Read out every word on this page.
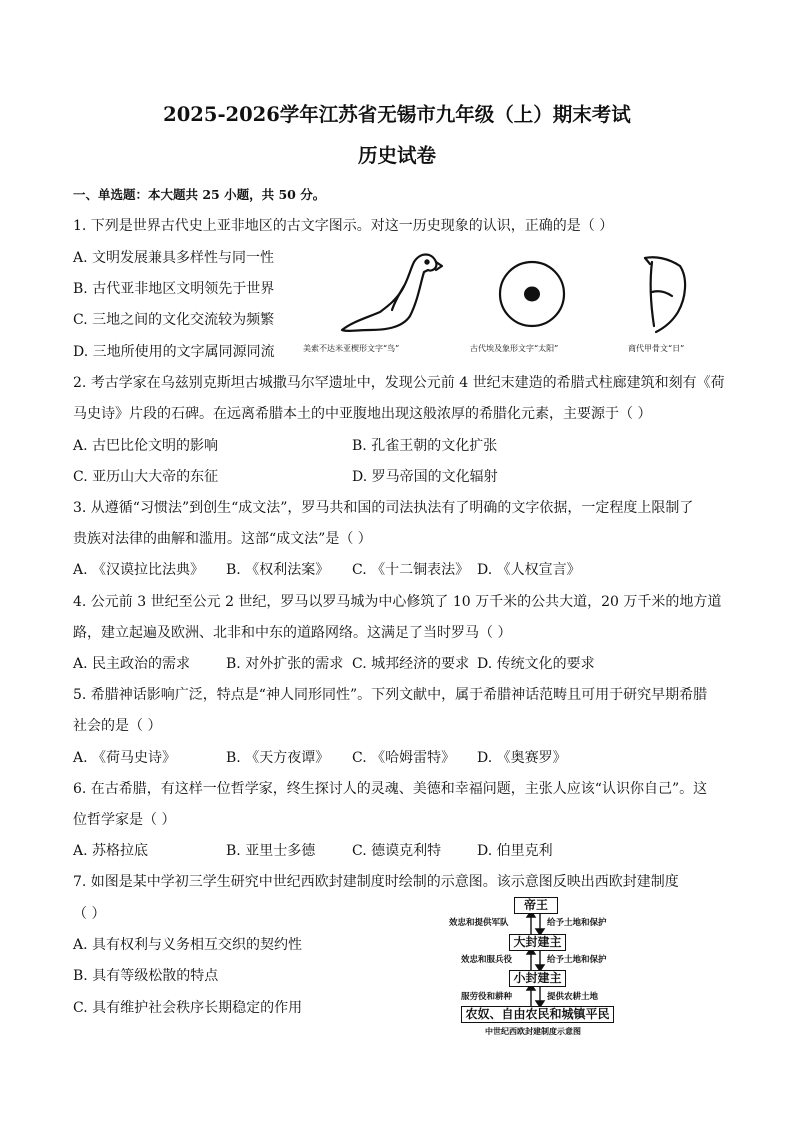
2025-2026学年江苏省无锡市九年级（上）期末考试
历史试卷
一、单选题：本大题共 25 小题，共 50 分。
1. 下列是世界古代史上亚非地区的古文字图示。对这一历史现象的认识，正确的是（ ）
A. 文明发展兼具多样性与同一性
B. 古代亚非地区文明领先于世界
C. 三地之间的文化交流较为频繁
D. 三地所使用的文字属同源同流	美索不达米亚楔形文字“鸟”	古代埃及象形文字“太阳”	商代甲骨文“日”
2. 考古学家在乌兹别克斯坦古城撒马尔罕遗址中，发现公元前 4 世纪末建造的希腊式柱廊建筑和刻有《荷
马史诗》片段的石碑。在远离希腊本土的中亚腹地出现这般浓厚的希腊化元素，主要源于（ ）
A. 古巴比伦文明的影响	B. 孔雀王朝的文化扩张
C. 亚历山大大帝的东征	D. 罗马帝国的文化辐射
3. 从遵循“习惯法”到创生“成文法”，罗马共和国的司法执法有了明确的文字依据，一定程度上限制了
贵族对法律的曲解和滥用。这部“成文法”是（ ）
A. 《汉谟拉比法典》 B. 《权利法案》 C. 《十二铜表法》 D. 《人权宣言》
4. 公元前 3 世纪至公元 2 世纪，罗马以罗马城为中心修筑了 10 万千米的公共大道，20 万千米的地方道
路，建立起遍及欧洲、北非和中东的道路网络。这满足了当时罗马（ ）
A. 民主政治的需求	B. 对外扩张的需求 C. 城邦经济的要求 D. 传统文化的要求
5. 希腊神话影响广泛，特点是“神人同形同性”。下列文献中，属于希腊神话范畴且可用于研究早期希腊
社会的是（ ）
A. 《荷马史诗》	B. 《天方夜谭》 C. 《哈姆雷特》 D. 《奥赛罗》
6. 在古希腊，有这样一位哲学家，终生探讨人的灵魂、美德和幸福问题，主张人应该“认识你自己”。这
位哲学家是（ ）
A. 苏格拉底	B. 亚里士多德	C. 德谟克利特	D. 伯里克利
7. 如图是某中学初三学生研究中世纪西欧封建制度时绘制的示意图。该示意图反映出西欧封建制度
（ ）
A. 具有权利与义务相互交织的契约性
B. 具有等级松散的特点
C. 具有维护社会秩序长期稳定的作用
帝王
大封建主
小封建主
农奴、自由农民和城镇平民
效忠和提供军队	给予土地和保护
效忠和服兵役	给予土地和保护
服劳役和耕种	提供农耕土地
中世纪西欧封建制度示意图
